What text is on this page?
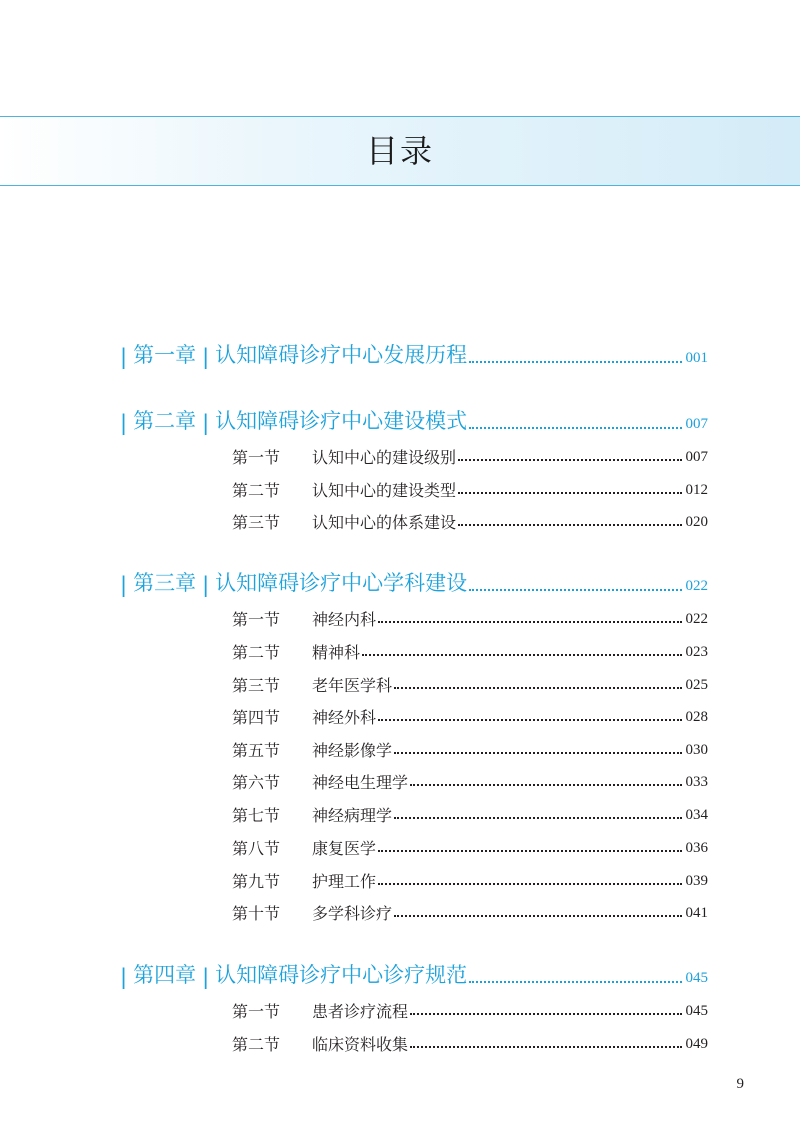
目录
| 第一章 | 认知障碍诊疗中心发展历程	001
| 第二章 | 认知障碍诊疗中心建设模式	007
第一节	认知中心的建设级别	007
第二节	认知中心的建设类型	012
第三节	认知中心的体系建设	020
| 第三章 | 认知障碍诊疗中心学科建设	022
第一节	神经内科	022
第二节	精神科	023
第三节	老年医学科	025
第四节	神经外科	028
第五节	神经影像学	030
第六节	神经电生理学	033
第七节	神经病理学	034
第八节	康复医学	036
第九节	护理工作	039
第十节	多学科诊疗	041
| 第四章 | 认知障碍诊疗中心诊疗规范	045
第一节	患者诊疗流程	045
第二节	临床资料收集	049
9
